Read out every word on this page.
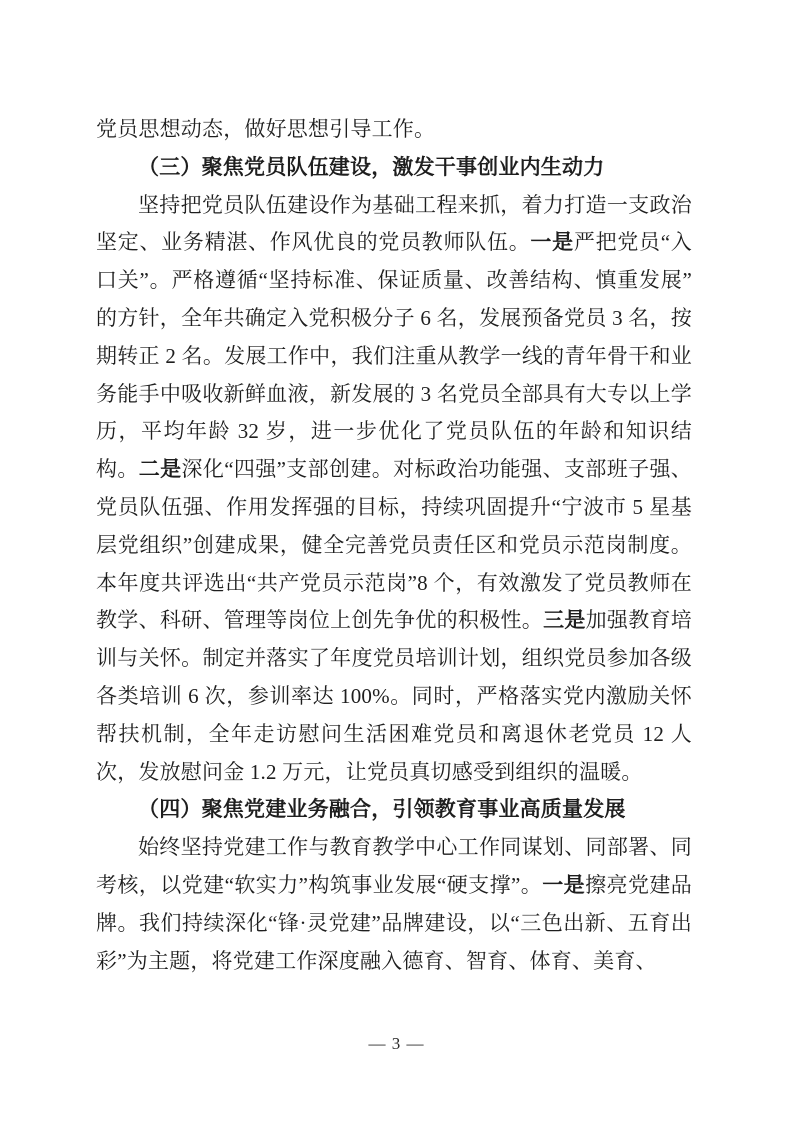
党员思想动态，做好思想引导工作。

（三）聚焦党员队伍建设，激发干事创业内生动力

坚持把党员队伍建设作为基础工程来抓，着力打造一支政治坚定、业务精湛、作风优良的党员教师队伍。一是严把党员“入口关”。严格遵循“坚持标准、保证质量、改善结构、慎重发展”的方针，全年共确定入党积极分子 6 名，发展预备党员 3 名，按期转正 2 名。发展工作中，我们注重从教学一线的青年骨干和业务能手中吸收新鲜血液，新发展的 3 名党员全部具有大专以上学历，平均年龄 32 岁，进一步优化了党员队伍的年龄和知识结构。二是深化“四强”支部创建。对标政治功能强、支部班子强、党员队伍强、作用发挥强的目标，持续巩固提升“宁波市 5 星基层党组织”创建成果，健全完善党员责任区和党员示范岗制度。本年度共评选出“共产党员示范岗”8 个，有效激发了党员教师在教学、科研、管理等岗位上创先争优的积极性。三是加强教育培训与关怀。制定并落实了年度党员培训计划，组织党员参加各级各类培训 6 次，参训率达 100%。同时，严格落实党内激励关怀帮扶机制，全年走访慰问生活困难党员和离退休老党员 12 人次，发放慰问金 1.2 万元，让党员真切感受到组织的温暖。

（四）聚焦党建业务融合，引领教育事业高质量发展

始终坚持党建工作与教育教学中心工作同谋划、同部署、同考核，以党建“软实力”构筑事业发展“硬支撑”。一是擦亮党建品牌。我们持续深化“锋·灵党建”品牌建设，以“三色出新、五育出彩”为主题，将党建工作深度融入德育、智育、体育、美育、

— 3 —
